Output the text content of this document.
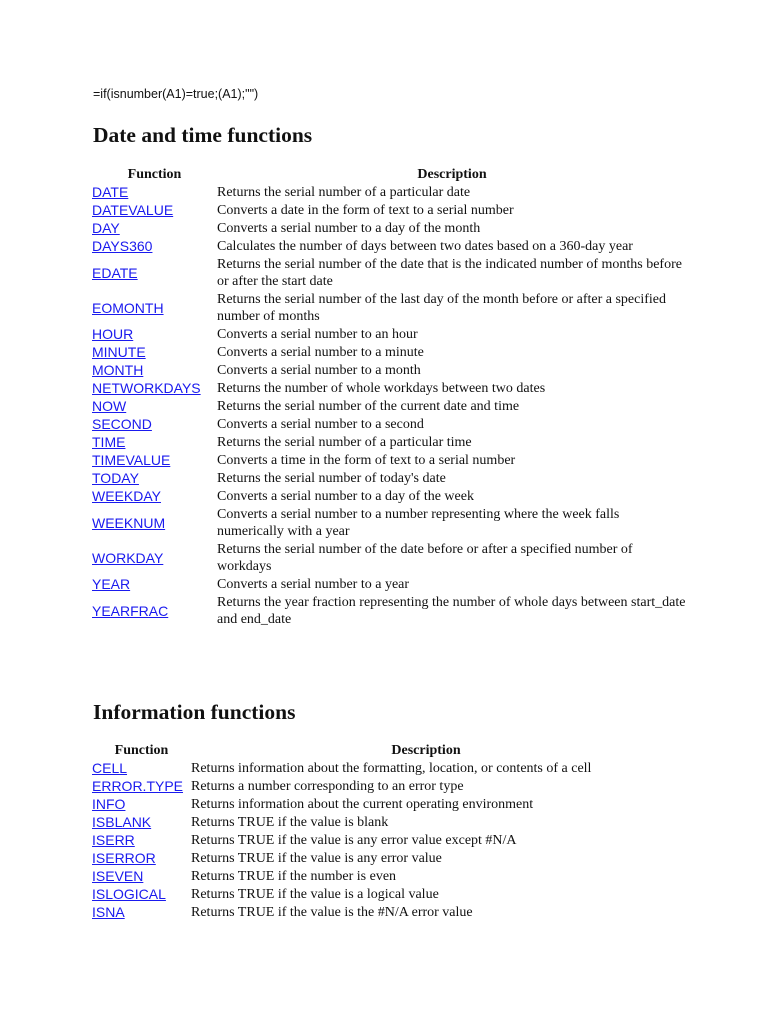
=if(isnumber(A1)=true;(A1);"")

Date and time functions
Function	Description
DATE	Returns the serial number of a particular date
DATEVALUE	Converts a date in the form of text to a serial number
DAY	Converts a serial number to a day of the month
DAYS360	Calculates the number of days between two dates based on a 360-day year
EDATE	Returns the serial number of the date that is the indicated number of months before or after the start date
EOMONTH	Returns the serial number of the last day of the month before or after a specified number of months
HOUR	Converts a serial number to an hour
MINUTE	Converts a serial number to a minute
MONTH	Converts a serial number to a month
NETWORKDAYS	Returns the number of whole workdays between two dates
NOW	Returns the serial number of the current date and time
SECOND	Converts a serial number to a second
TIME	Returns the serial number of a particular time
TIMEVALUE	Converts a time in the form of text to a serial number
TODAY	Returns the serial number of today's date
WEEKDAY	Converts a serial number to a day of the week
WEEKNUM	Converts a serial number to a number representing where the week falls numerically with a year
WORKDAY	Returns the serial number of the date before or after a specified number of workdays
YEAR	Converts a serial number to a year
YEARFRAC	Returns the year fraction representing the number of whole days between start_date and end_date
Information functions
Function	Description
CELL	Returns information about the formatting, location, or contents of a cell
ERROR.TYPE	Returns a number corresponding to an error type
INFO	Returns information about the current operating environment
ISBLANK	Returns TRUE if the value is blank
ISERR	Returns TRUE if the value is any error value except #N/A
ISERROR	Returns TRUE if the value is any error value
ISEVEN	Returns TRUE if the number is even
ISLOGICAL	Returns TRUE if the value is a logical value
ISNA	Returns TRUE if the value is the #N/A error value
